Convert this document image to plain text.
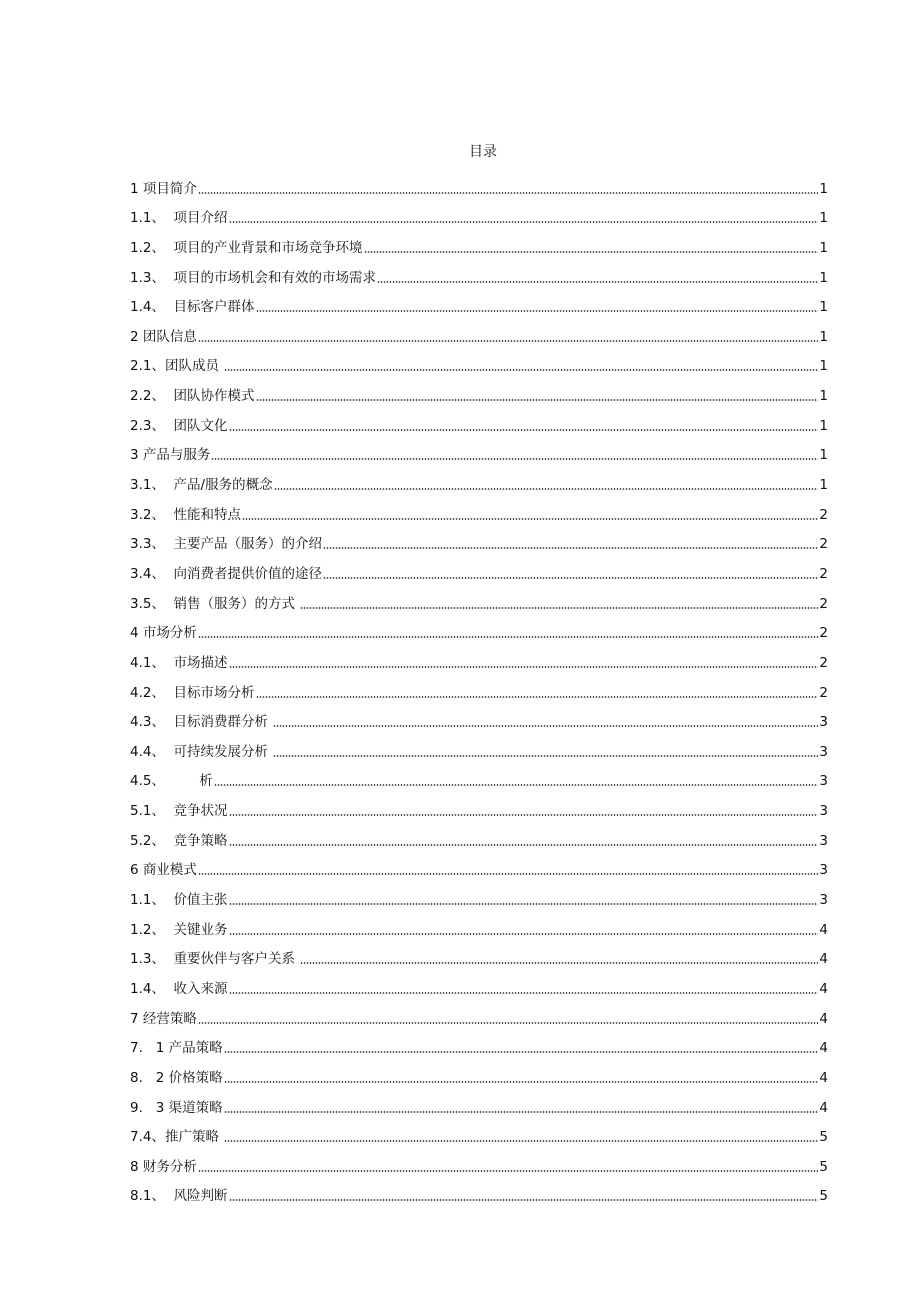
目录
1 项目简介	1
1.1、  项目介绍	1
1.2、  项目的产业背景和市场竞争环境	1
1.3、  项目的市场机会和有效的市场需求	1
1.4、  目标客户群体	1
2 团队信息	1
2.1、团队成员	1
2.2、  团队协作模式	1
2.3、  团队文化	1
3 产品与服务	1
3.1、  产品/服务的概念	1
3.2、  性能和特点	2
3.3、  主要产品（服务）的介绍	2
3.4、  向消费者提供价值的途径	2
3.5、  销售（服务）的方式	2
4 市场分析	2
4.1、  市场描述	2
4.2、  目标市场分析	2
4.3、  目标消费群分析	3
4.4、  可持续发展分析	3
4.5、        析	3
5.1、  竞争状况	3
5.2、  竞争策略	3
6 商业模式	3
1.1、  价值主张	3
1.2、  关键业务	4
1.3、  重要伙伴与客户关系	4
1.4、  收入来源	4
7 经营策略	4
7.   1 产品策略	4
8.   2 价格策略	4
9.   3 渠道策略	4
7.4、推广策略	5
8 财务分析	5
8.1、  风险判断	5
